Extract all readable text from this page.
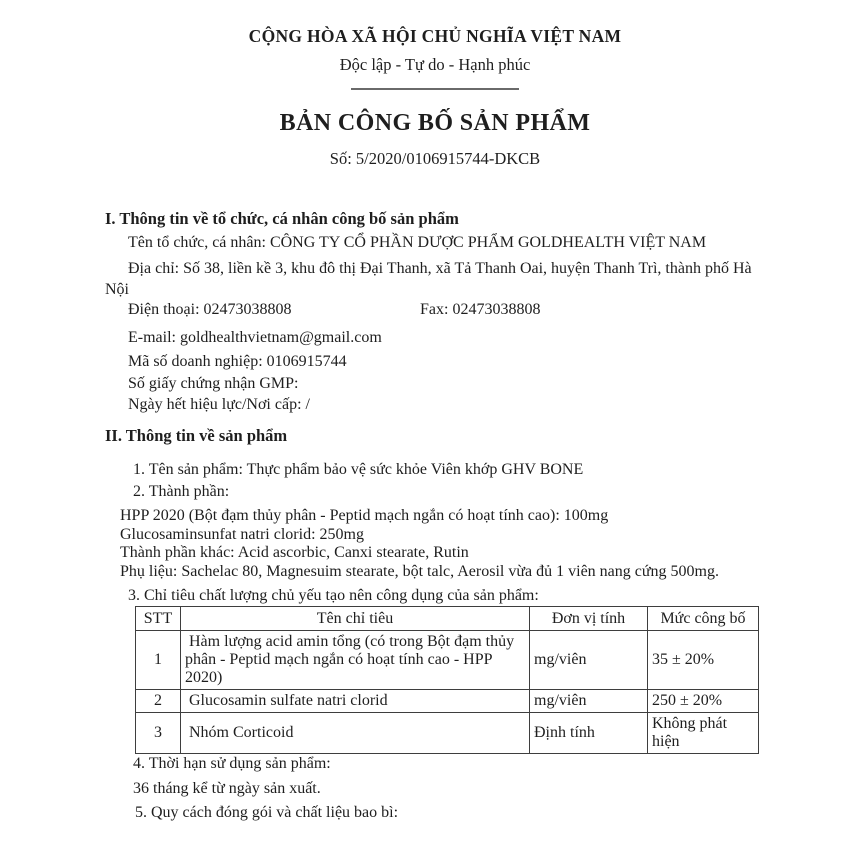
CỘNG HÒA XÃ HỘI CHỦ NGHĨA VIỆT NAM
Độc lập - Tự do - Hạnh phúc
BẢN CÔNG BỐ SẢN PHẨM
Số: 5/2020/0106915744-DKCB
I. Thông tin về tổ chức, cá nhân công bố sản phẩm
Tên tổ chức, cá nhân: CÔNG TY CỔ PHẦN DƯỢC PHẨM GOLDHEALTH VIỆT NAM
Địa chỉ: Số 38, liền kề 3, khu đô thị Đại Thanh, xã Tả Thanh Oai, huyện Thanh Trì, thành phố Hà Nội
Điện thoại: 02473038808	Fax: 02473038808
E-mail: goldhealthvietnam@gmail.com
Mã số doanh nghiệp: 0106915744
Số giấy chứng nhận GMP:
Ngày hết hiệu lực/Nơi cấp: /
II. Thông tin về sản phẩm
1. Tên sản phẩm: Thực phẩm bảo vệ sức khỏe Viên khớp GHV BONE
2. Thành phần:
HPP 2020 (Bột đạm thủy phân - Peptid mạch ngắn có hoạt tính cao): 100mg
Glucosaminsunfat natri clorid: 250mg
Thành phần khác: Acid ascorbic, Canxi stearate, Rutin
Phụ liệu: Sachelac 80, Magnesuim stearate, bột talc, Aerosil vừa đủ 1 viên nang cứng 500mg.
3. Chỉ tiêu chất lượng chủ yếu tạo nên công dụng của sản phẩm:
STT	Tên chỉ tiêu	Đơn vị tính	Mức công bố
1	Hàm lượng acid amin tổng (có trong Bột đạm thủy phân - Peptid mạch ngắn có hoạt tính cao - HPP 2020)	mg/viên	35 ± 20%
2	Glucosamin sulfate natri clorid	mg/viên	250 ± 20%
3	Nhóm Corticoid	Định tính	Không phát hiện
4. Thời hạn sử dụng sản phẩm:
36 tháng kể từ ngày sản xuất.
5. Quy cách đóng gói và chất liệu bao bì:
